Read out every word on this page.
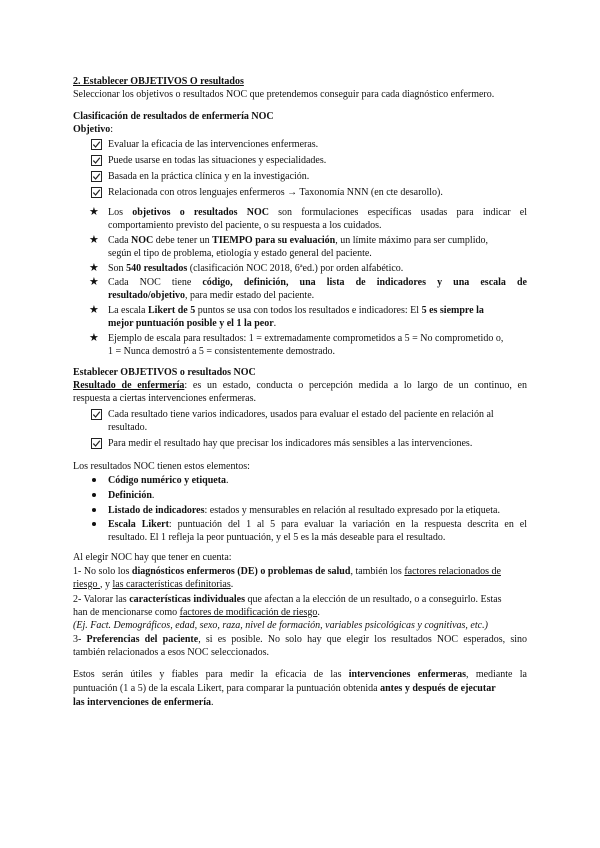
2. Establecer OBJETIVOS O resultados
Seleccionar los objetivos o resultados NOC que pretendemos conseguir para cada diagnóstico enfermero.
Clasificación de resultados de enfermería NOC
Objetivo:
Evaluar la eficacia de las intervenciones enfermeras.
Puede usarse en todas las situaciones y especialidades.
Basada en la práctica clínica y en la investigación.
Relacionada con otros lenguajes enfermeros → Taxonomía NNN (en cte desarollo).
★ Los objetivos o resultados NOC son formulaciones específicas usadas para indicar el
comportamiento previsto del paciente, o su respuesta a los cuidados.
★ Cada NOC debe tener un TIEMPO para su evaluación, un límite máximo para ser cumplido,
según el tipo de problema, etiología y estado general del paciente.
★ Son 540 resultados (clasificación NOC 2018, 6ªed.) por orden alfabético.
★ Cada NOC tiene código, definición, una lista de indicadores y una escala de
resultado/objetivo, para medir estado del paciente.
★ La escala Likert de 5 puntos se usa con todos los resultados e indicadores: El 5 es siempre la
mejor puntuación posible y el 1 la peor.
★ Ejemplo de escala para resultados: 1 = extremadamente comprometidos a 5 = No comprometido o,
1 = Nunca demostró a 5 = consistentemente demostrado.
Establecer OBJETIVOS o resultados NOC
Resultado de enfermería: es un estado, conducta o percepción medida a lo largo de un continuo, en
respuesta a ciertas intervenciones enfermeras.
Cada resultado tiene varios indicadores, usados para evaluar el estado del paciente en relación al
resultado.
Para medir el resultado hay que precisar los indicadores más sensibles a las intervenciones.
Los resultados NOC tienen estos elementos:
Código numérico y etiqueta.
Definición.
Listado de indicadores: estados y mensurables en relación al resultado expresado por la etiqueta.
Escala Likert: puntuación del 1 al 5 para evaluar la variación en la respuesta descrita en el
resultado. El 1 refleja la peor puntuación, y el 5 es la más deseable para el resultado.
Al elegir NOC hay que tener en cuenta:
1- No solo los diagnósticos enfermeros (DE) o problemas de salud, también los factores relacionados de
riesgo , y las características definitorias.
2- Valorar las características individuales que afectan a la elección de un resultado, o a conseguirlo. Estas
han de mencionarse como factores de modificación de riesgo.
(Ej. Fact. Demográficos, edad, sexo, raza, nivel de formación, variables psicológicas y cognitivas, etc.)
3- Preferencias del paciente, si es posible. No solo hay que elegir los resultados NOC esperados, sino
también relacionados a esos NOC seleccionados.
Estos serán útiles y fiables para medir la eficacia de las intervenciones enfermeras, mediante la
puntuación (1 a 5) de la escala Likert, para comparar la puntuación obtenida antes y después de ejecutar
las intervenciones de enfermería.
